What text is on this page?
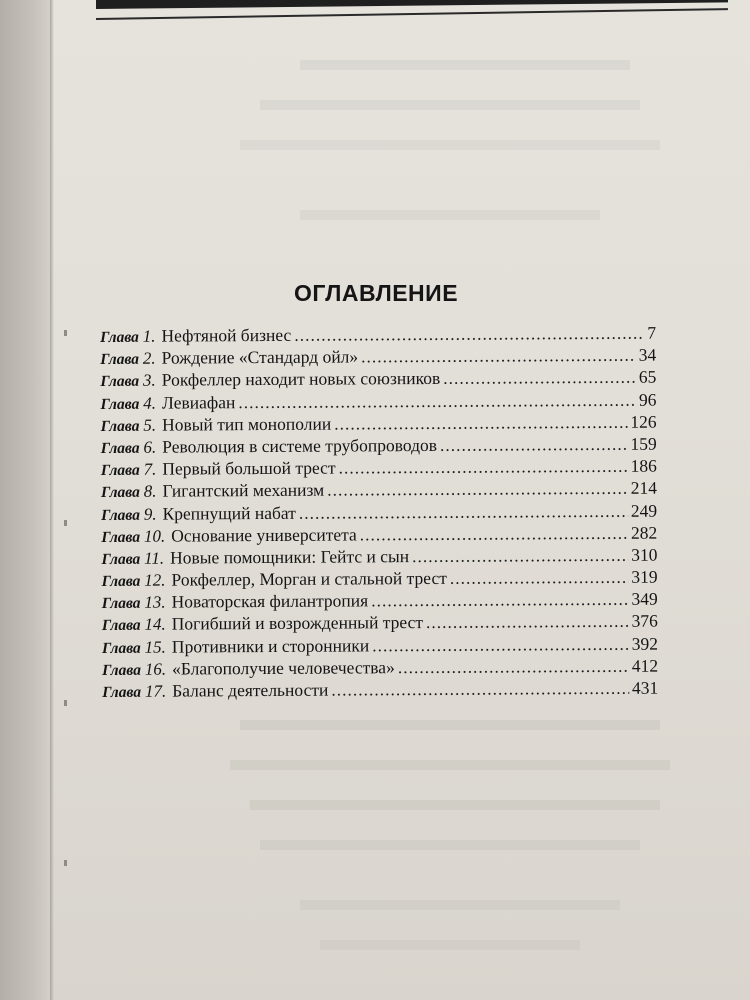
ОГЛАВЛЕНИЕ
Глава 1. Нефтяной бизнес .....	7
Глава 2. Рождение «Стандард ойл» .....	34
Глава 3. Рокфеллер находит новых союзников .....	65
Глава 4. Левиафан .....	96
Глава 5. Новый тип монополии .....	126
Глава 6. Революция в системе трубопроводов .....	159
Глава 7. Первый большой трест .....	186
Глава 8. Гигантский механизм .....	214
Глава 9. Крепнущий набат .....	249
Глава 10. Основание университета .....	282
Глава 11. Новые помощники: Гейтс и сын .....	310
Глава 12. Рокфеллер, Морган и стальной трест .....	319
Глава 13. Новаторская филантропия .....	349
Глава 14. Погибший и возрожденный трест .....	376
Глава 15. Противники и сторонники .....	392
Глава 16. «Благополучие человечества» .....	412
Глава 17. Баланс деятельности .....	431
